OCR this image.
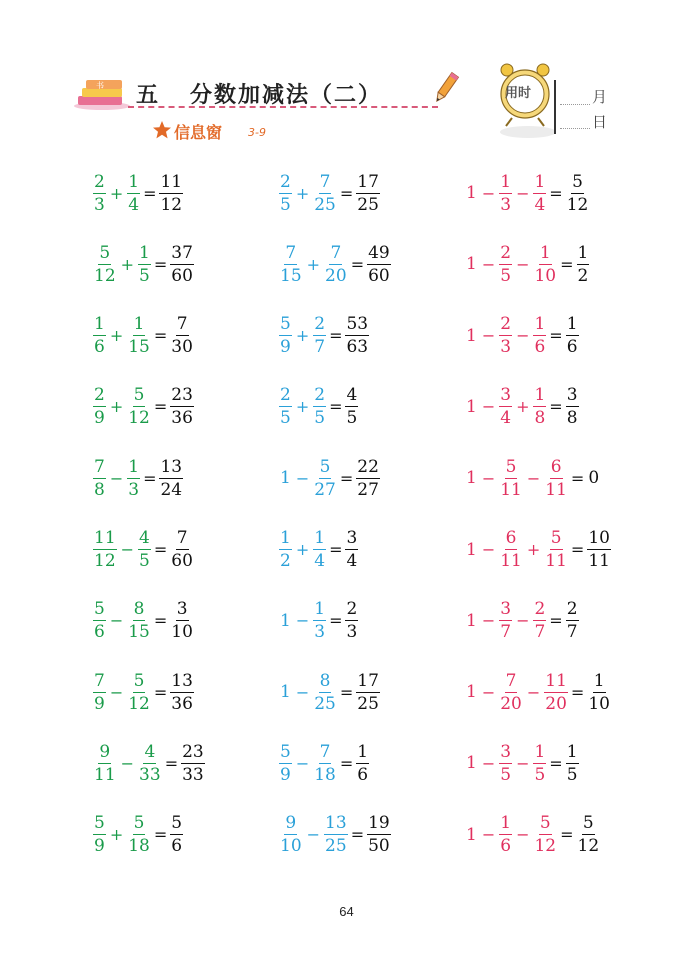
书 五 分数加减法（二）
信息窗 3-9
用时	月
日
$\frac{2}{3} + \frac{1}{4} = \frac{11}{12}$
$\frac{5}{12} + \frac{1}{5} = \frac{37}{60}$
$\frac{1}{6} + \frac{1}{15} = \frac{7}{30}$
$\frac{2}{9} + \frac{5}{12} = \frac{23}{36}$
$\frac{7}{8} - \frac{1}{3} = \frac{13}{24}$
$\frac{11}{12} - \frac{4}{5} = \frac{7}{60}$
$\frac{5}{6} - \frac{8}{15} = \frac{3}{10}$
$\frac{7}{9} - \frac{5}{12} = \frac{13}{36}$
$\frac{9}{11} - \frac{4}{33} = \frac{23}{33}$
$\frac{5}{9} + \frac{5}{18} = \frac{5}{6}$
$\frac{2}{5} + \frac{7}{25} = \frac{17}{25}$
$\frac{7}{15} + \frac{7}{20} = \frac{49}{60}$
$\frac{5}{9} + \frac{2}{7} = \frac{53}{63}$
$\frac{2}{5} + \frac{2}{5} = \frac{4}{5}$
$1 - \frac{5}{27} = \frac{22}{27}$
$\frac{1}{2} + \frac{1}{4} = \frac{3}{4}$
$1 - \frac{1}{3} = \frac{2}{3}$
$1 - \frac{8}{25} = \frac{17}{25}$
$\frac{5}{9} - \frac{7}{18} = \frac{1}{6}$
$\frac{9}{10} - \frac{13}{25} = \frac{19}{50}$
$1 - \frac{1}{3} - \frac{1}{4} = \frac{5}{12}$
$1 - \frac{2}{5} - \frac{1}{10} = \frac{1}{2}$
$1 - \frac{2}{3} - \frac{1}{6} = \frac{1}{6}$
$1 - \frac{3}{4} + \frac{1}{8} = \frac{3}{8}$
$1 - \frac{5}{11} - \frac{6}{11} = 0$
$1 - \frac{6}{11} + \frac{5}{11} = \frac{10}{11}$
$1 - \frac{3}{7} - \frac{2}{7} = \frac{2}{7}$
$1 - \frac{7}{20} - \frac{11}{20} = \frac{1}{10}$
$1 - \frac{3}{5} - \frac{1}{5} = \frac{1}{5}$
$1 - \frac{1}{6} - \frac{5}{12} = \frac{5}{12}$
64
